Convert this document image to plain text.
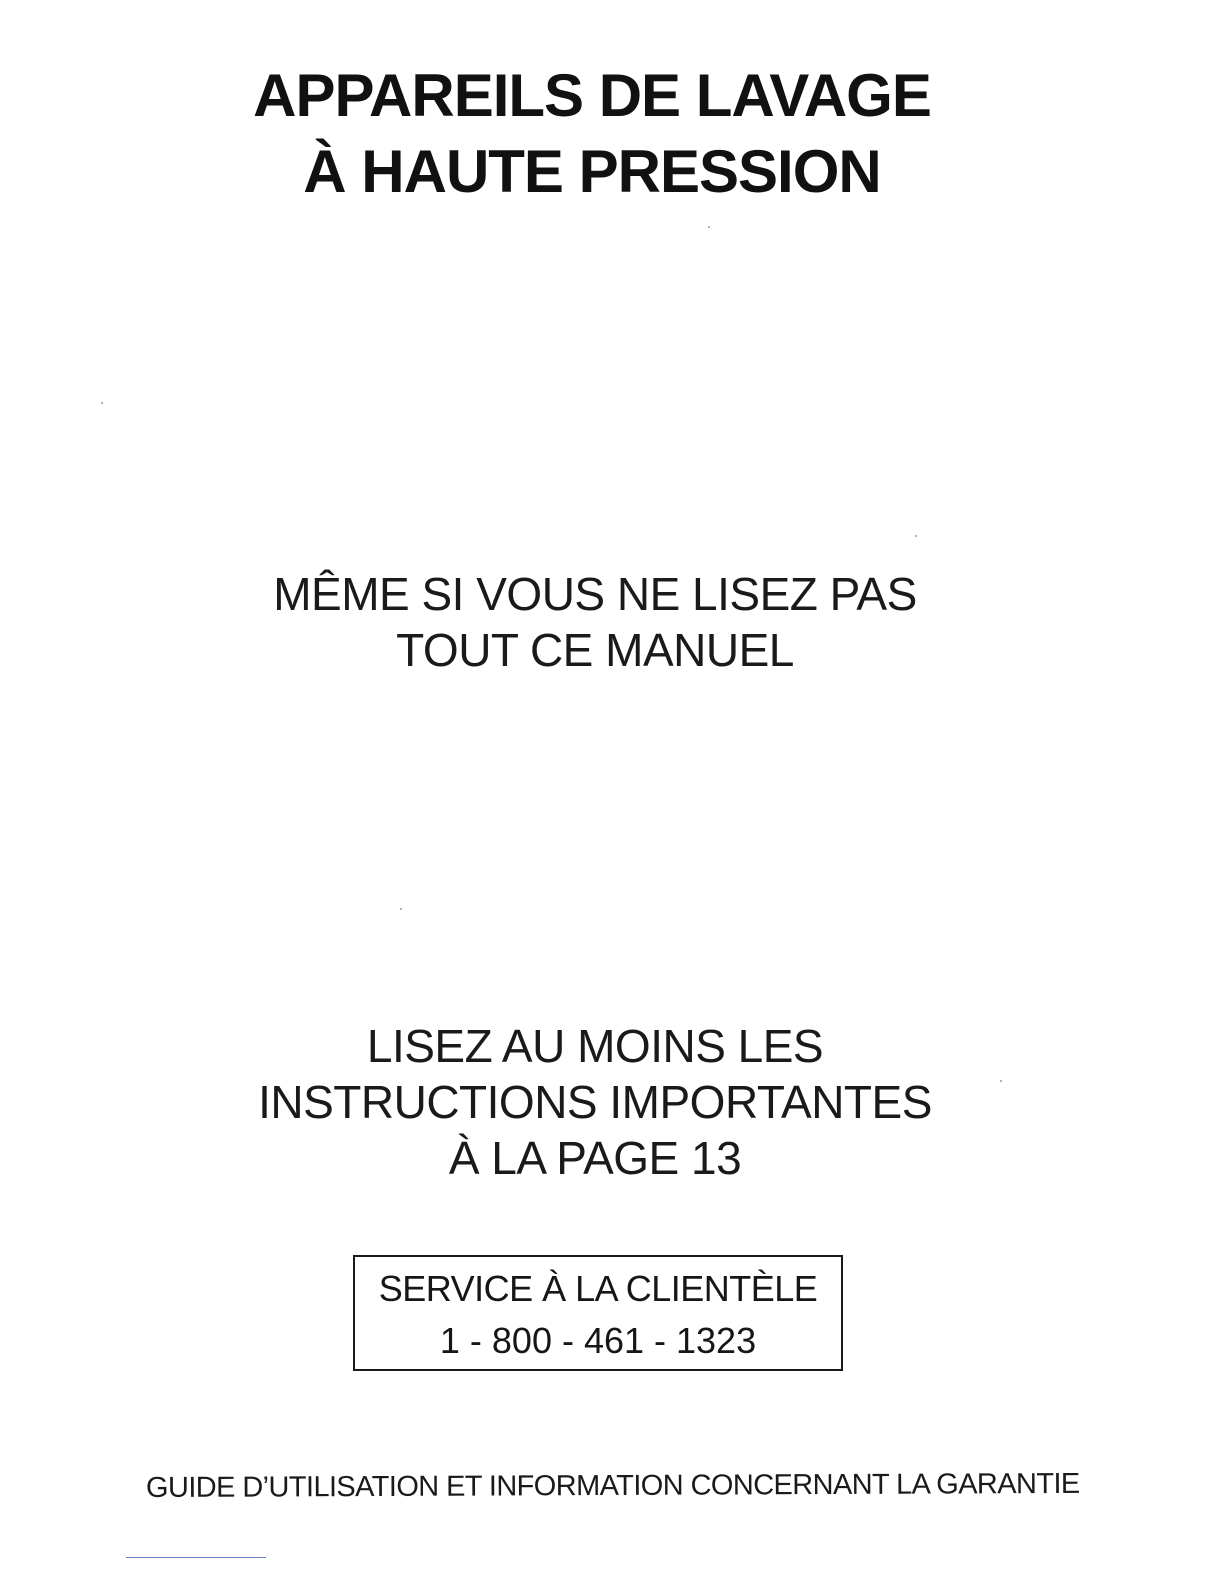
APPAREILS DE LAVAGE
À HAUTE PRESSION
MÊME SI VOUS NE LISEZ PAS
TOUT CE MANUEL
LISEZ AU MOINS LES
INSTRUCTIONS IMPORTANTES
À LA PAGE 13
SERVICE À LA CLIENTÈLE
1 - 800 - 461 - 1323
GUIDE D’UTILISATION ET INFORMATION CONCERNANT LA GARANTIE
